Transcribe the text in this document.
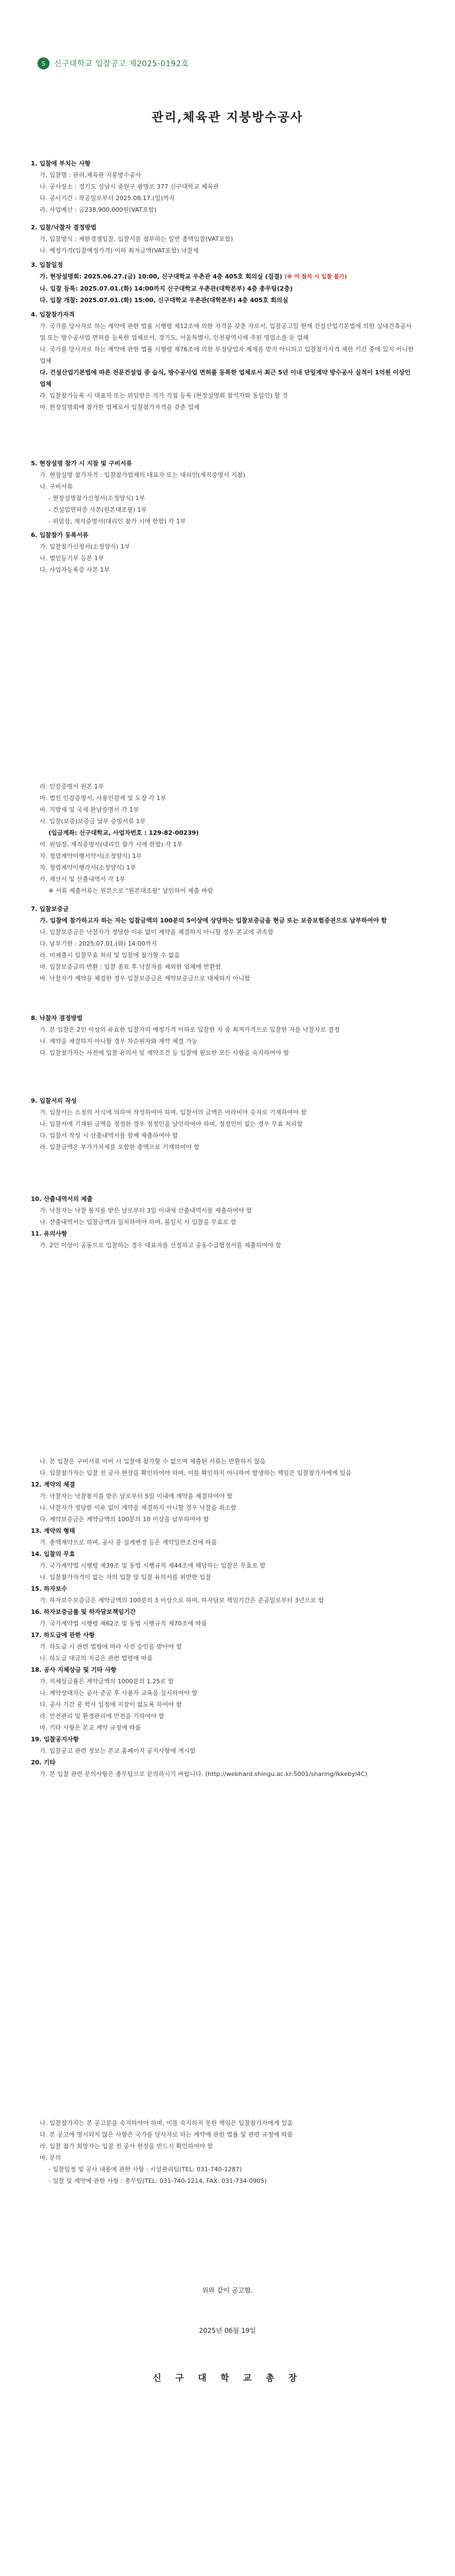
S	신구대학교 입찰공고 제2025-0192호
관리,체육관 지붕방수공사

1. 입찰에 부치는 사항

가. 입찰명 : 관리,체육관 지붕방수공사

나. 공사장소 : 경기도 성남시 중원구 광명로 377 신구대학교 체육관

다. 공사기간 : 착공일로부터 2025.08.17.(일)까지

라. 사업예산 : 금238,900,000원(VAT포함)

2. 입찰/낙찰자 결정방법

가. 입찰방식 : 제한경쟁입찰, 입찰서를 첨부하는 일반 총액입찰(VAT포함)

나. 예정가격(입찰예정가격) 이하 최저금액(VAT포함) 낙찰제

3. 입찰일정

가. 현장설명회: 2025.06.27.(금) 10:00, 신구대학교 우촌관 4층 405호 회의실 (집결) (※ 미 참석 시 입찰 불가)

나. 입찰 등록: 2025.07.01.(화) 14:00까지 신구대학교 우촌관(대학본부) 4층 총무팀(2층)

다. 입찰 개찰: 2025.07.01.(화) 15:00, 신구대학교 우촌관(대학본부) 4층 405호 회의실

4. 입찰참가자격

가. 국가를 당사자로 하는 계약에 관한 법률 시행령 제12조에 의한 자격을 갖춘 자로서, 입찰공고일 현재 건설산업기본법에 의한 실내건축공사업 또는 방수공사업 면허를 등록한 업체로서, 경기도, 서울특별시, 인천광역시에 주된 영업소를 둔 업체

나. 국가를 당사자로 하는 계약에 관한 법률 시행령 제76조에 의한 부정당업자 제재를 받지 아니하고 입찰참가자격 제한 기간 중에 있지 아니한 업체

다. 건설산업기본법에 따른 전문건설업 중 습식, 방수공사업 면허를 등록한 업체로서 최근 5년 이내 단일계약 방수공사 실적이 1억원 이상인 업체

라. 입찰참가등록 시 대표자 또는 위임받은 자가 직접 등록 (현장설명회 참석자와 동일인) 할 것

마. 현장설명회에 참가한 업체로서 입찰참가자격을 갖춘 업체

5. 현장설명 참가 시 지참 및 구비서류

가. 현장설명 참가자격 : 입찰참가업체의 대표자 또는 대리인(재직증명서 지참)

나. 구비서류

- 현장설명참가신청서(소정양식) 1부

- 건설업면허증 사본(원본대조필) 1부

- 위임장, 재직증명서(대리인 참가 시에 한함) 각 1부

6. 입찰참가 등록서류

가. 입찰참가신청서(소정양식) 1부

나. 법인등기부 등본 1부

다. 사업자등록증 사본 1부

라. 인감증명서 원본 1부

마. 법인 인감증명서, 사용인감계 및 도장 각 1부

바. 지방세 및 국세 완납증명서 각 1부

사. 입찰(보증)보증금 납부 증빙서류 1부

(입금계좌: 신구대학교, 사업자번호 : 129-82-00239)

아. 위임장, 재직증명서(대리인 참가 시에 한함) 각 1부

자. 청렴계약이행서약서(소정양식) 1부

차. 청렴계약이행각서(소정양식) 1부

카. 계산서 및 산출내역서 각 1부

※ 서류 제출서류는 원본으로 "원본대조필" 날인하여 제출 바람

7. 입찰보증금

가. 입찰에 참가하고자 하는 자는 입찰금액의 100분의 5이상에 상당하는 입찰보증금을 현금 또는 보증보험증권으로 납부하여야 함

나. 입찰보증금은 낙찰자가 정당한 이유 없이 계약을 체결하지 아니할 경우 본교에 귀속함

다. 납부기한 : 2025.07.01.(화) 14:00까지

라. 미제출시 입찰무효 처리 및 입찰에 참가할 수 없음

마. 입찰보증금의 반환 : 입찰 종료 후 낙찰자를 제외한 업체에 반환함

바. 낙찰자가 계약을 체결한 경우 입찰보증금은 계약보증금으로 대체하지 아니함

8. 낙찰자 결정방법

가. 본 입찰은 2인 이상의 유효한 입찰자의 예정가격 이하로 입찰한 자 중 최저가격으로 입찰한 자를 낙찰자로 결정

나. 계약을 체결하지 아니할 경우 차순위자와 계약 체결 가능

다. 입찰참가자는 사전에 입찰 유의서 및 계약조건 등 입찰에 필요한 모든 사항을 숙지하여야 함

9. 입찰서의 작성

가. 입찰서는 소정의 서식에 의하여 작성하여야 하며, 입찰서의 금액은 아라비아 숫자로 기재하여야 함

나. 입찰서에 기재된 금액을 정정한 경우 정정인을 날인하여야 하며, 정정인이 없는 경우 무효 처리함

다. 입찰서 작성 시 산출내역서를 함께 제출하여야 함

라. 입찰금액은 부가가치세를 포함한 총액으로 기재하여야 함

10. 산출내역서의 제출

가. 낙찰자는 낙찰 통지를 받은 날로부터 3일 이내에 산출내역서를 제출하여야 함

나. 산출내역서는 입찰금액과 일치하여야 하며, 불일치 시 입찰을 무효로 함

11. 유의사항

가. 2인 이상이 공동으로 입찰하는 경우 대표자를 선정하고 공동수급협정서를 제출하여야 함

나. 본 입찰은 구비서류 미비 시 입찰에 참가할 수 없으며 제출된 서류는 반환하지 않음

다. 입찰참가자는 입찰 전 공사 현장을 확인하여야 하며, 이를 확인하지 아니하여 발생하는 책임은 입찰참가자에게 있음

12. 계약의 체결

가. 낙찰자는 낙찰통지를 받은 날로부터 5일 이내에 계약을 체결하여야 함

나. 낙찰자가 정당한 이유 없이 계약을 체결하지 아니할 경우 낙찰을 취소함

다. 계약보증금은 계약금액의 100분의 10 이상을 납부하여야 함

13. 계약의 형태

가. 총액계약으로 하며, 공사 중 설계변경 등은 계약일반조건에 따름

14. 입찰의 무효

가. 국가계약법 시행령 제39조 및 동법 시행규칙 제44조에 해당하는 입찰은 무효로 함

나. 입찰참가자격이 없는 자의 입찰 및 입찰 유의서를 위반한 입찰

15. 하자보수

가. 하자보수보증금은 계약금액의 100분의 3 이상으로 하며, 하자담보 책임기간은 준공일로부터 3년으로 함

16. 하자보증금률 및 하자담보책임기간

가. 국가계약법 시행령 제62조 및 동법 시행규칙 제70조에 따름

17. 하도급에 관한 사항

가. 하도급 시 관련 법령에 따라 사전 승인을 받아야 함

나. 하도급 대금의 지급은 관련 법령에 따름

18. 공사 지체상금 및 기타 사항

가. 지체상금률은 계약금액의 1000분의 1.25로 함

나. 계약상대자는 공사 준공 후 사용자 교육을 실시하여야 함

다. 공사 기간 중 학사 일정에 지장이 없도록 하여야 함

라. 안전관리 및 환경관리에 만전을 기하여야 함

마. 기타 사항은 본교 계약 규정에 따름

19. 입찰공지사항

가. 입찰공고 관련 정보는 본교 홈페이지 공지사항에 게시함

20. 기타

가. 본 입찰 관련 문의사항은 총무팀으로 문의하시기 바랍니다. (http://webhard.shingu.ac.kr:5001/sharing/lkkebyl4C)

나. 입찰참가자는 본 공고문을 숙지하여야 하며, 이를 숙지하지 못한 책임은 입찰참가자에게 있음

다. 본 공고에 명시되지 않은 사항은 국가를 당사자로 하는 계약에 관한 법률 및 관련 규정에 따름

라. 입찰 참가 희망자는 입찰 전 공사 현장을 반드시 확인하여야 함

마. 문의

- 입찰일정 및 공사 내용에 관한 사항 : 시설관리팀(TEL: 031-740-1287)

- 입찰 및 계약에 관한 사항 : 총무팀(TEL: 031-740-1214, FAX: 031-734-0905)

위와 같이 공고함.
2025년 06월 19일
신 구 대 학 교 총 장
